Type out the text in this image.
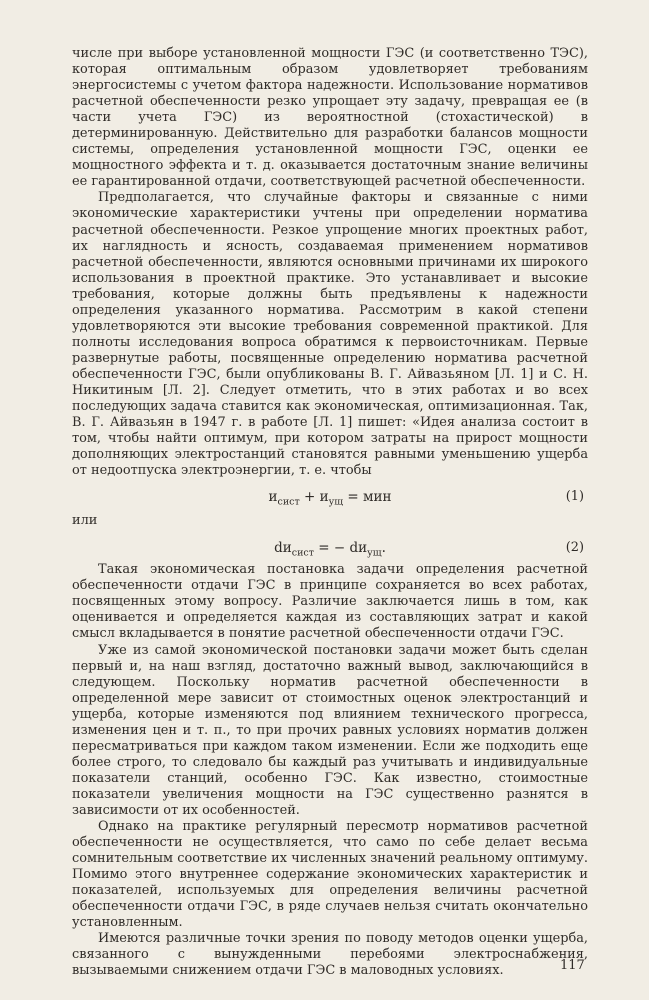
числе при выборе установленной мощности ГЭС (и соответственно ТЭС), которая оптимальным образом удовлетворяет требованиям энергосистемы с учетом фактора надежности. Использование нормативов расчетной обеспеченности резко упрощает эту задачу, превращая ее (в части учета ГЭС) из вероятностной (стохастической) в детерминированную. Действительно для разработки балансов мощности системы, определения установленной мощности ГЭС, оценки ее мощностного эффекта и т. д. оказывается достаточным знание величины ее гарантированной отдачи, соответствующей расчетной обеспеченности.

Предполагается, что случайные факторы и связанные с ними экономические характеристики учтены при определении норматива расчетной обеспеченности. Резкое упрощение многих проектных работ, их наглядность и ясность, создаваемая применением нормативов расчетной обеспеченности, являются основными причинами их широкого использования в проектной практике. Это устанавливает и высокие требования, которые должны быть предъявлены к надежности определения указанного норматива. Рассмотрим в какой степени удовлетворяются эти высокие требования современной практикой. Для полноты исследования вопроса обратимся к первоисточникам. Первые развернутые работы, посвященные определению норматива расчетной обеспеченности ГЭС, были опубликованы В. Г. Айвазьяном [Л. 1] и С. Н. Никитиным [Л. 2]. Следует отметить, что в этих работах и во всех последующих задача ставится как экономическая, оптимизационная. Так, В. Г. Айвазьян в 1947 г. в работе [Л. 1] пишет: «Идея анализа состоит в том, чтобы найти оптимум, при котором затраты на прирост мощности дополняющих электростанций становятся равными уменьшению ущерба от недоотпуска электроэнергии, т. е. чтобы

$и_{сист} + и_{ущ}$ = мин	(1)
или
$dи_{сист}$ = − $dи_{ущ}$.	(2)

Такая экономическая постановка задачи определения расчетной обеспеченности отдачи ГЭС в принципе сохраняется во всех работах, посвященных этому вопросу. Различие заключается лишь в том, как оценивается и определяется каждая из составляющих затрат и какой смысл вкладывается в понятие расчетной обеспеченности отдачи ГЭС.

Уже из самой экономической постановки задачи может быть сделан первый и, на наш взгляд, достаточно важный вывод, заключающийся в следующем. Поскольку норматив расчетной обеспеченности в определенной мере зависит от стоимостных оценок электростанций и ущерба, которые изменяются под влиянием технического прогресса, изменения цен и т. п., то при прочих равных условиях норматив должен пересматриваться при каждом таком изменении. Если же подходить еще более строго, то следовало бы каждый раз учитывать и индивидуальные показатели станций, особенно ГЭС. Как известно, стоимостные показатели увеличения мощности на ГЭС существенно разнятся в зависимости от их особенностей.

Однако на практике регулярный пересмотр нормативов расчетной обеспеченности не осуществляется, что само по себе делает весьма сомнительным соответствие их численных значений реальному оптимуму. Помимо этого внутреннее содержание экономических характеристик и показателей, используемых для определения величины расчетной обеспеченности отдачи ГЭС, в ряде случаев нельзя считать окончательно установленным.

Имеются различные точки зрения по поводу методов оценки ущерба, связанного с вынужденными перебоями электроснабжения, вызываемыми снижением отдачи ГЭС в маловодных условиях.	117
